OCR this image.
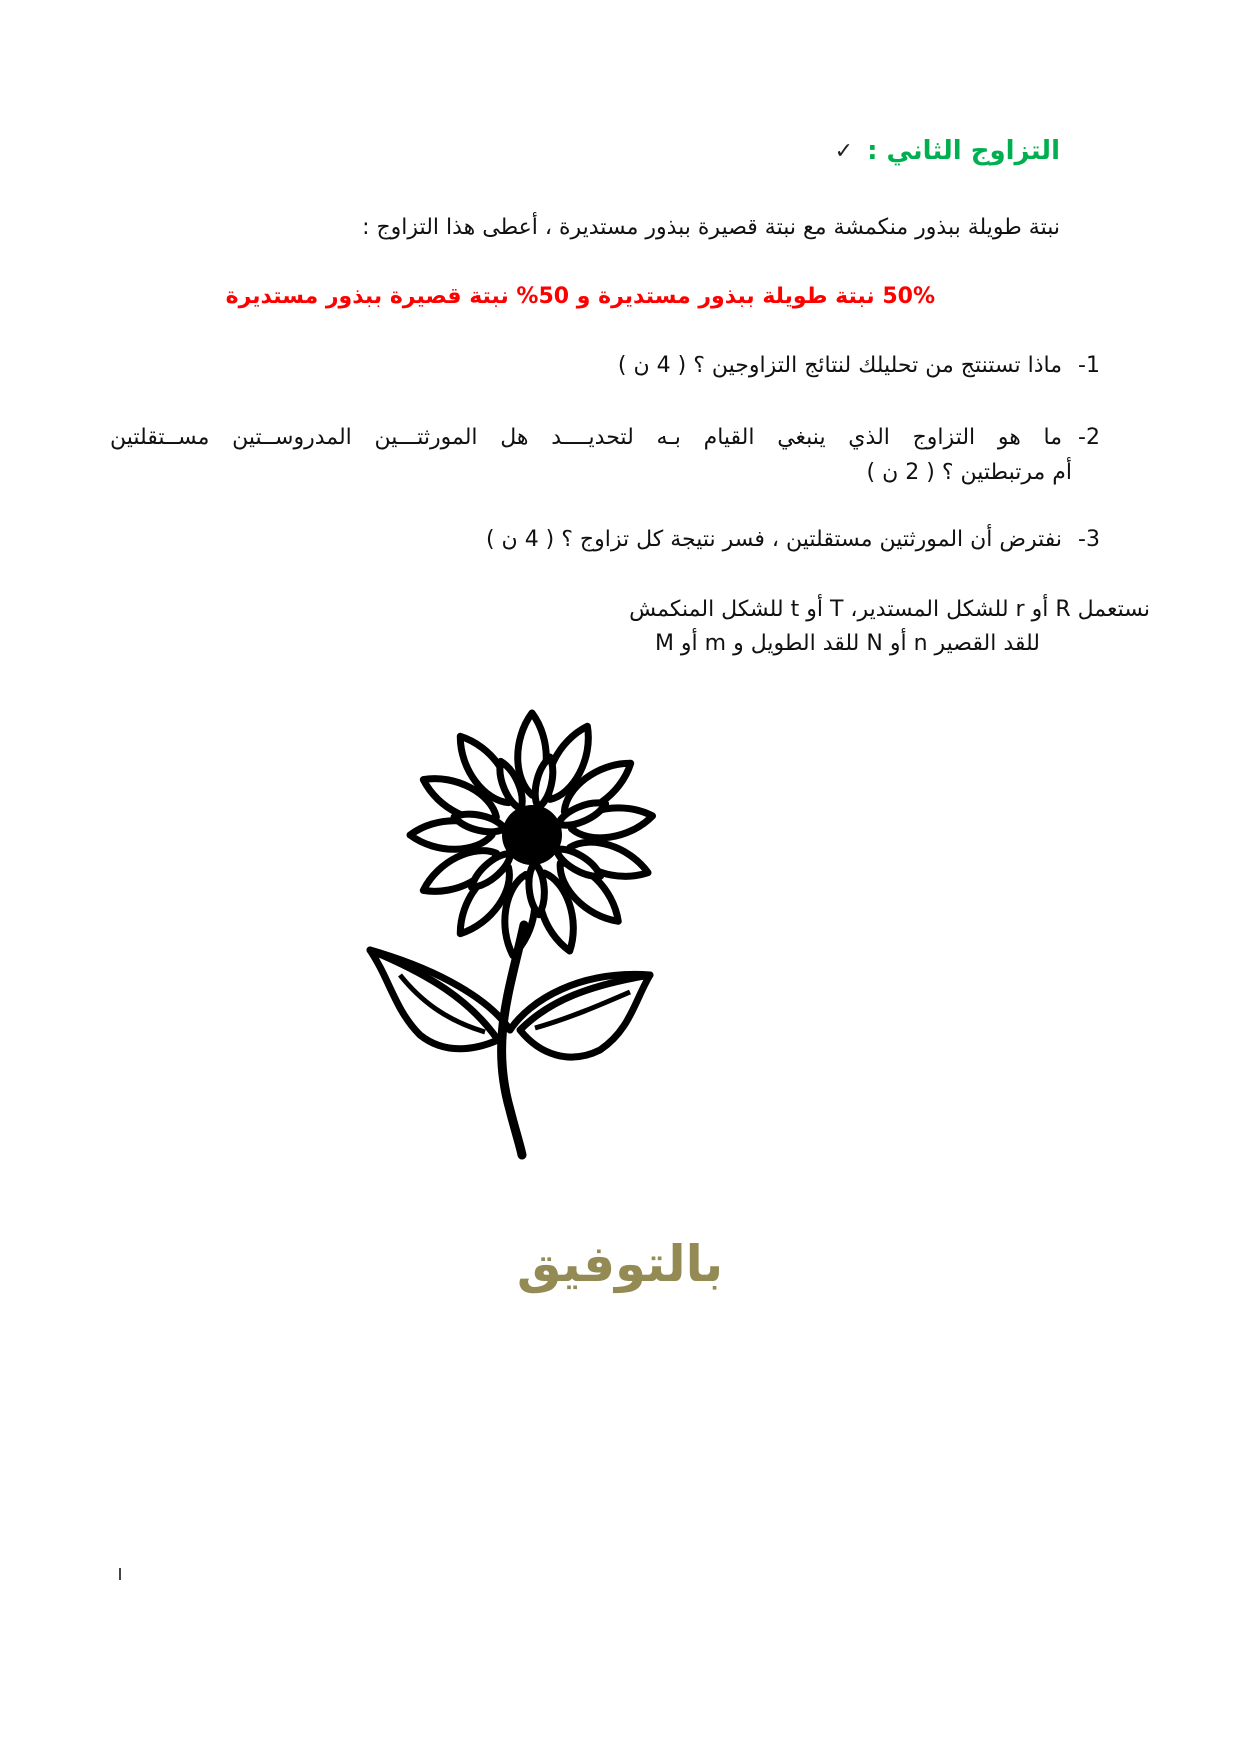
التزاوج الثاني :
✓
نبتة طويلة ببذور منكمشة مع نبتة قصيرة ببذور مستديرة ، أعطى هذا التزاوج :
50% نبتة طويلة ببذور مستديرة و 50% نبتة قصيرة ببذور مستديرة
1-
ماذا تستنتج من تحليلك لنتائج التزاوجين ؟ ( 4 ن )
2-
ما هو التزاوج الذي ينبغي القيام بـه لتحديــــد هل المورثتـــين المدروســتين مســتقلتين
أم مرتبطتين ؟ ( 2 ن )
3-
نفترض أن المورثتين مستقلتين ، فسر نتيجة كل تزاوج ؟ ( 4 ن )
نستعمل R أو r للشكل المستدير، T أو t للشكل المنكمش
M أو m للقد الطويل و N أو n للقد القصير
بالتوفيق
